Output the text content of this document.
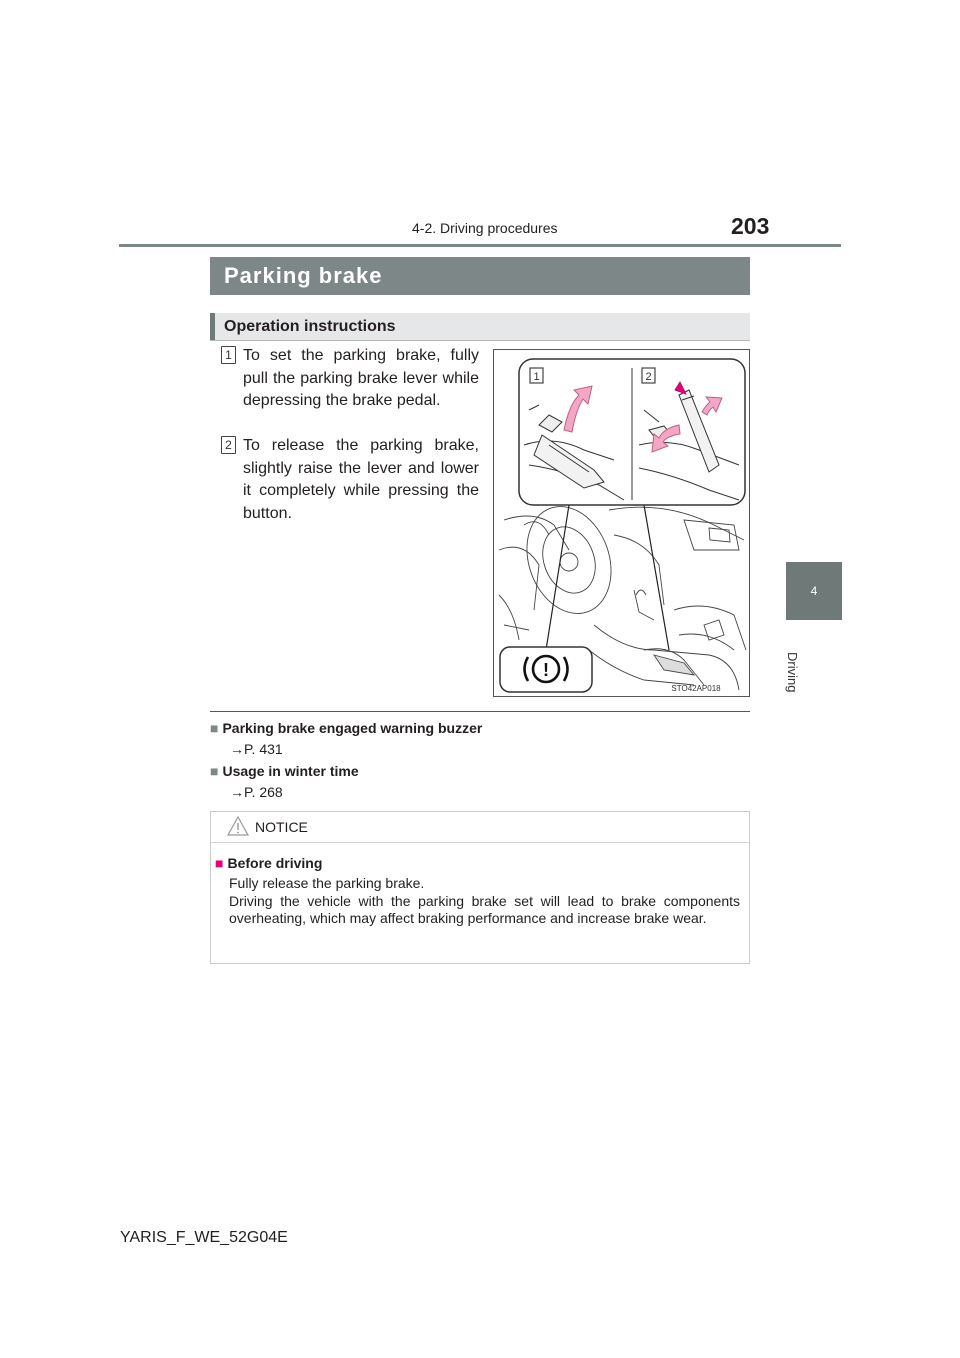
4-2. Driving procedures	203
4
Driving
Parking brake
Operation instructions
1 To set the parking brake, fully pull the parking brake lever while depressing the brake pedal.
2 To release the parking brake, slightly raise the lever and lower it completely while pressing the button.
1	2
!
STO42AP018
■ Parking brake engaged warning buzzer
→P. 431
■ Usage in winter time
→P. 268
NOTICE
■ Before driving
Fully release the parking brake.
Driving the vehicle with the parking brake set will lead to brake components overheating, which may affect braking performance and increase brake wear.
YARIS_F_WE_52G04E
